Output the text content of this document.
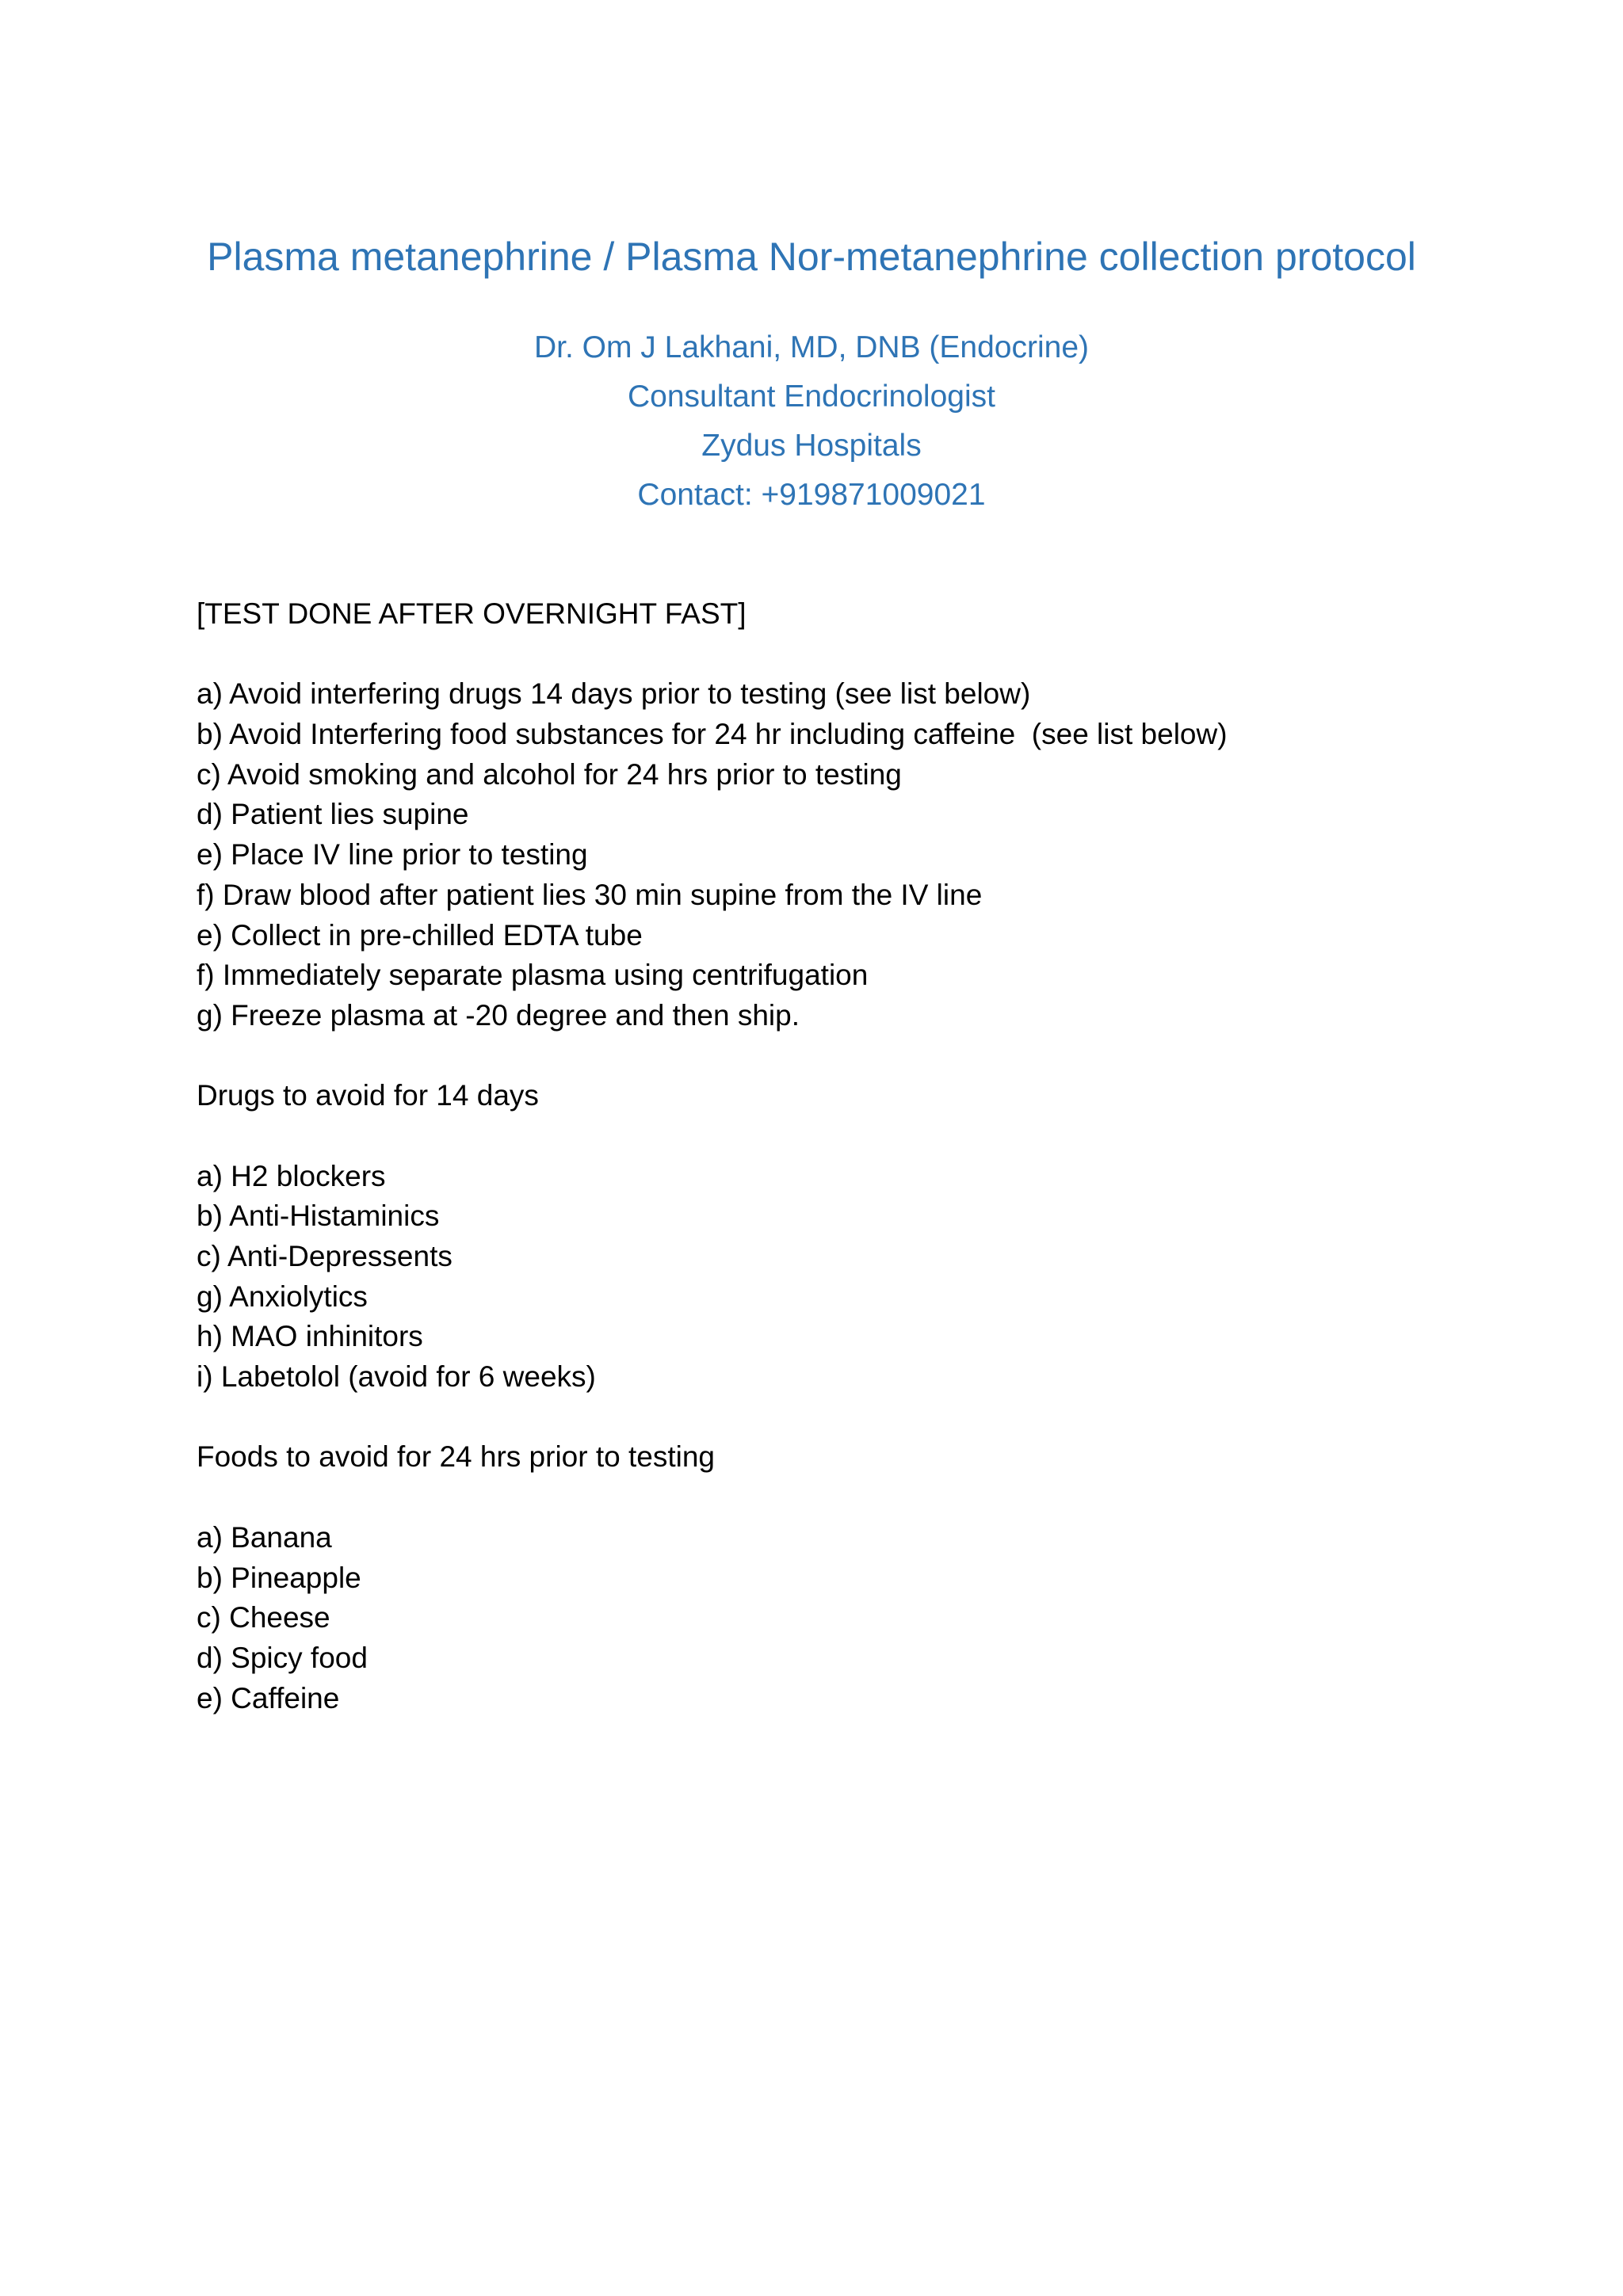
Plasma metanephrine / Plasma Nor-metanephrine collection protocol
Dr. Om J Lakhani, MD, DNB (Endocrine)
Consultant Endocrinologist
Zydus Hospitals
Contact: +919871009021
[TEST DONE AFTER OVERNIGHT FAST]
a) Avoid interfering drugs 14 days prior to testing (see list below)
b) Avoid Interfering food substances for 24 hr including caffeine  (see list below)
c) Avoid smoking and alcohol for 24 hrs prior to testing
d) Patient lies supine
e) Place IV line prior to testing
f) Draw blood after patient lies 30 min supine from the IV line
e) Collect in pre-chilled EDTA tube
f) Immediately separate plasma using centrifugation
g) Freeze plasma at -20 degree and then ship.
Drugs to avoid for 14 days
a) H2 blockers
b) Anti-Histaminics
c) Anti-Depressents
g) Anxiolytics
h) MAO inhinitors
i) Labetolol (avoid for 6 weeks)
Foods to avoid for 24 hrs prior to testing
a) Banana
b) Pineapple
c) Cheese
d) Spicy food
e) Caffeine
